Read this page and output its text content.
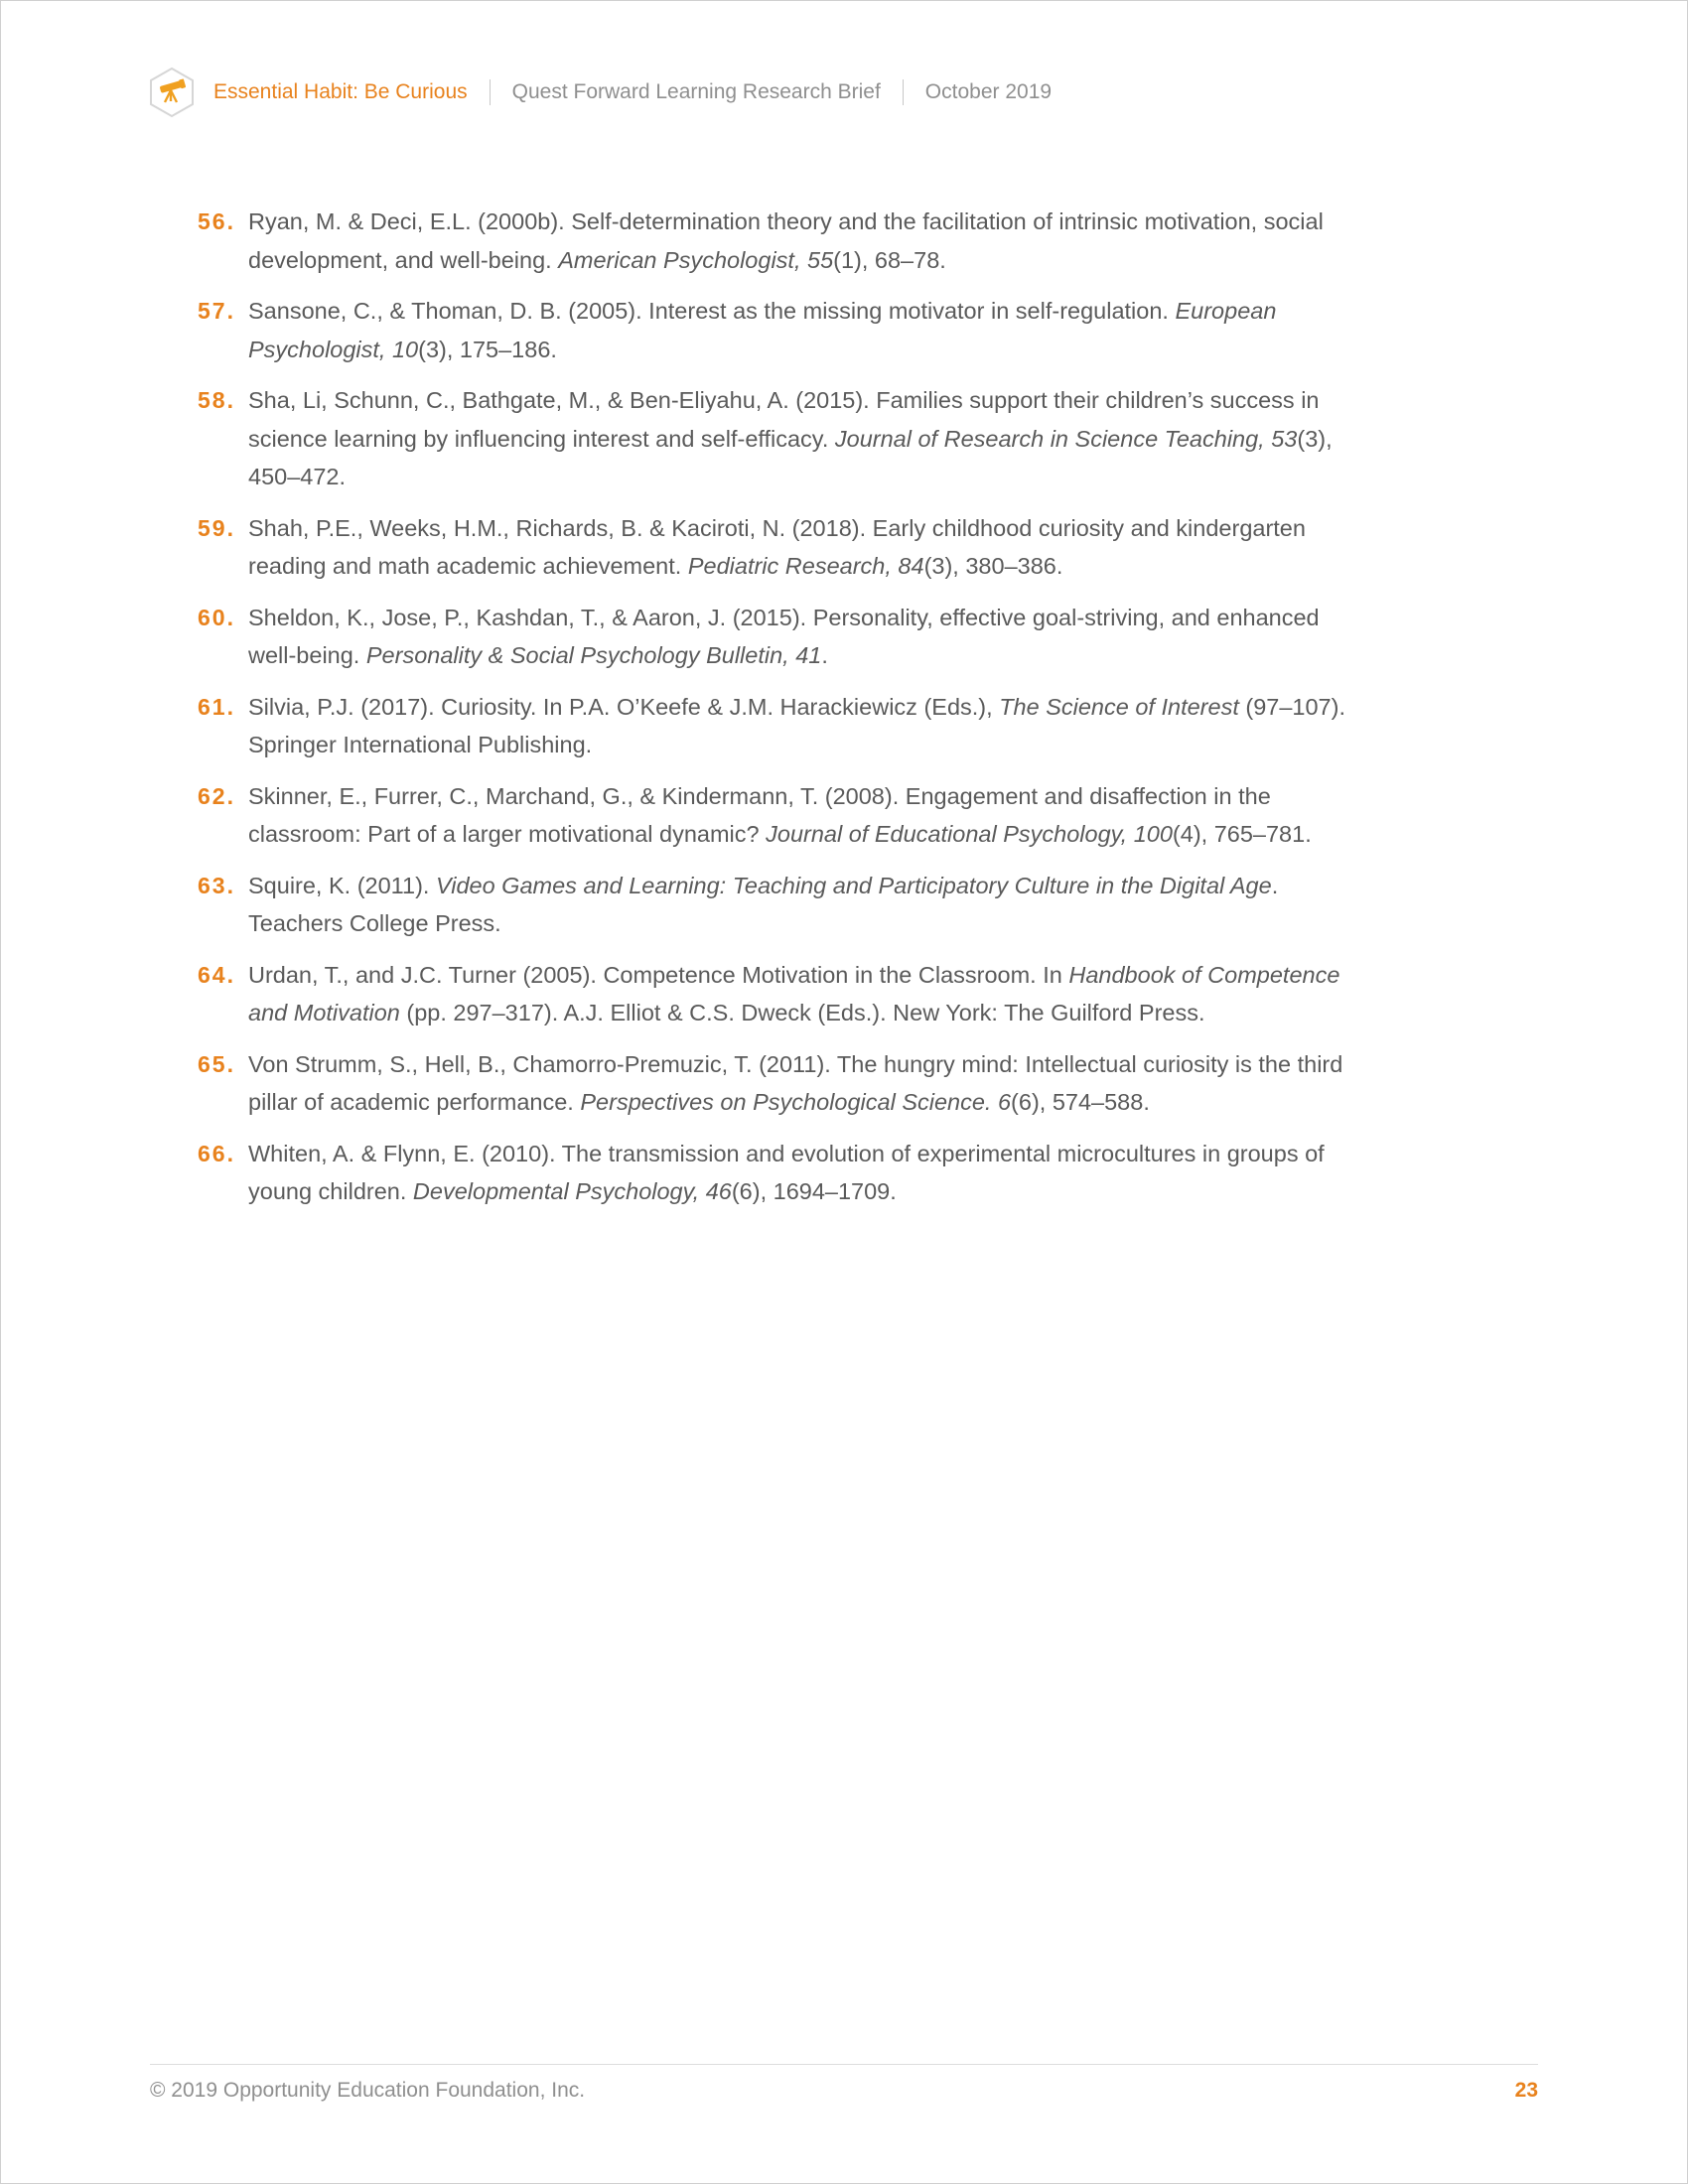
Essential Habit: Be Curious Quest Forward Learning Research Brief October 2019
56. Ryan, M. & Deci, E.L. (2000b). Self-determination theory and the facilitation of intrinsic motivation, social development, and well-being. American Psychologist, 55(1), 68–78.
57. Sansone, C., & Thoman, D. B. (2005). Interest as the missing motivator in self-regulation. European Psychologist, 10(3), 175–186.
58. Sha, Li, Schunn, C., Bathgate, M., & Ben-Eliyahu, A. (2015). Families support their children’s success in science learning by influencing interest and self-efficacy. Journal of Research in Science Teaching, 53(3), 450–472.
59. Shah, P.E., Weeks, H.M., Richards, B. & Kaciroti, N. (2018). Early childhood curiosity and kindergarten reading and math academic achievement. Pediatric Research, 84(3), 380–386.
60. Sheldon, K., Jose, P., Kashdan, T., & Aaron, J. (2015). Personality, effective goal-striving, and enhanced well-being. Personality & Social Psychology Bulletin, 41.
61. Silvia, P.J. (2017). Curiosity. In P.A. O’Keefe & J.M. Harackiewicz (Eds.), The Science of Interest (97–107). Springer International Publishing.
62. Skinner, E., Furrer, C., Marchand, G., & Kindermann, T. (2008). Engagement and disaffection in the classroom: Part of a larger motivational dynamic? Journal of Educational Psychology, 100(4), 765–781.
63. Squire, K. (2011). Video Games and Learning: Teaching and Participatory Culture in the Digital Age. Teachers College Press.
64. Urdan, T., and J.C. Turner (2005). Competence Motivation in the Classroom. In Handbook of Competence and Motivation (pp. 297–317). A.J. Elliot & C.S. Dweck (Eds.). New York: The Guilford Press.
65. Von Strumm, S., Hell, B., Chamorro-Premuzic, T. (2011). The hungry mind: Intellectual curiosity is the third pillar of academic performance. Perspectives on Psychological Science. 6(6), 574–588.
66. Whiten, A. & Flynn, E. (2010). The transmission and evolution of experimental microcultures in groups of young children. Developmental Psychology, 46(6), 1694–1709.
© 2019 Opportunity Education Foundation, Inc.	23
